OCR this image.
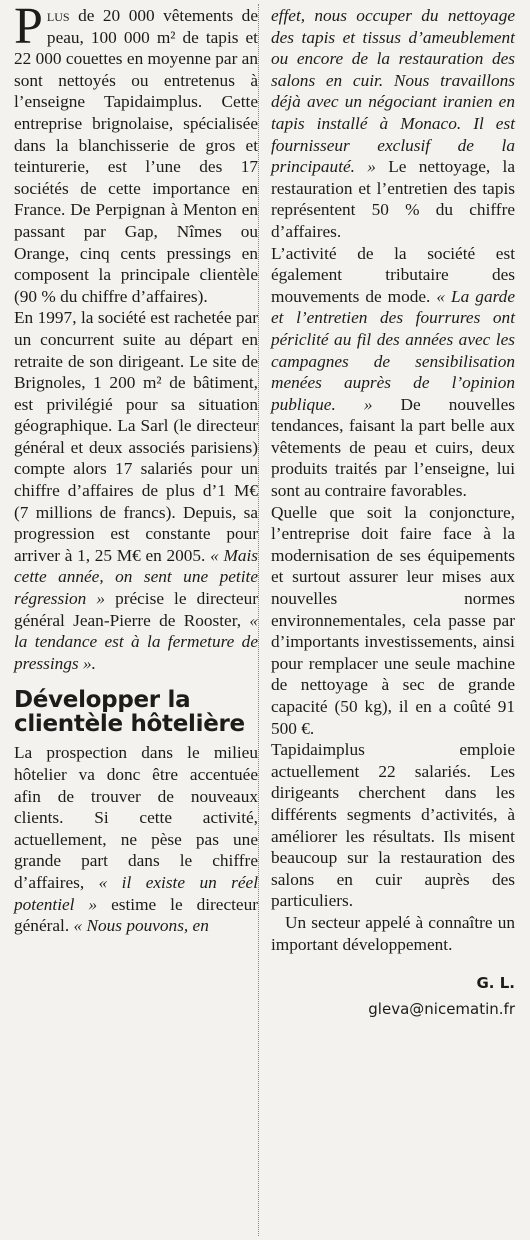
Plus de 20 000 vêtements de peau, 100 000 m² de tapis et 22 000 couettes en moyenne par an sont nettoyés ou entretenus à l’enseigne Tapidaimplus. Cette entreprise brignolaise, spécialisée dans la blanchisserie de gros et teinturerie, est l’une des 17 sociétés de cette importance en France. De Perpignan à Menton en passant par Gap, Nîmes ou Orange, cinq cents pressings en composent la principale clientèle (90 % du chiffre d’affaires).

En 1997, la société est rachetée par un concurrent suite au départ en retraite de son dirigeant. Le site de Brignoles, 1 200 m² de bâtiment, est privilégié pour sa situation géographique. La Sarl (le directeur général et deux associés parisiens) compte alors 17 salariés pour un chiffre d’affaires de plus d’1 M€ (7 millions de francs). Depuis, sa progression est constante pour arriver à 1, 25 M€ en 2005. « Mais cette année, on sent une petite régression » précise le directeur général Jean-Pierre de Rooster, « la tendance est à la fermeture de pressings ».

Développer la clientèle hôtelière

La prospection dans le milieu hôtelier va donc être accentuée afin de trouver de nouveaux clients. Si cette activité, actuellement, ne pèse pas une grande part dans le chiffre d’affaires, « il existe un réel potentiel » estime le directeur général. « Nous pouvons, en

effet, nous occuper du nettoyage des tapis et tissus d’ameublement ou encore de la restauration des salons en cuir. Nous travaillons déjà avec un négociant iranien en tapis installé à Monaco. Il est fournisseur exclusif de la principauté. » Le nettoyage, la restauration et l’entretien des tapis représentent 50 % du chiffre d’affaires.

L’activité de la société est également tributaire des mouvements de mode. « La garde et l’entretien des fourrures ont périclité au fil des années avec les campagnes de sensibilisation menées auprès de l’opinion publique. » De nouvelles tendances, faisant la part belle aux vêtements de peau et cuirs, deux produits traités par l’enseigne, lui sont au contraire favorables.

Quelle que soit la conjoncture, l’entreprise doit faire face à la modernisation de ses équipements et surtout assurer leur mises aux nouvelles normes environnementales, cela passe par d’importants investissements, ainsi pour remplacer une seule machine de nettoyage à sec de grande capacité (50 kg), il en a coûté 91 500 €.

Tapidaimplus emploie actuellement 22 salariés. Les dirigeants cherchent dans les différents segments d’activités, à améliorer les résultats. Ils misent beaucoup sur la restauration des salons en cuir auprès des particuliers.

Un secteur appelé à connaître un important développement.

G. L.
gleva@nicematin.fr
